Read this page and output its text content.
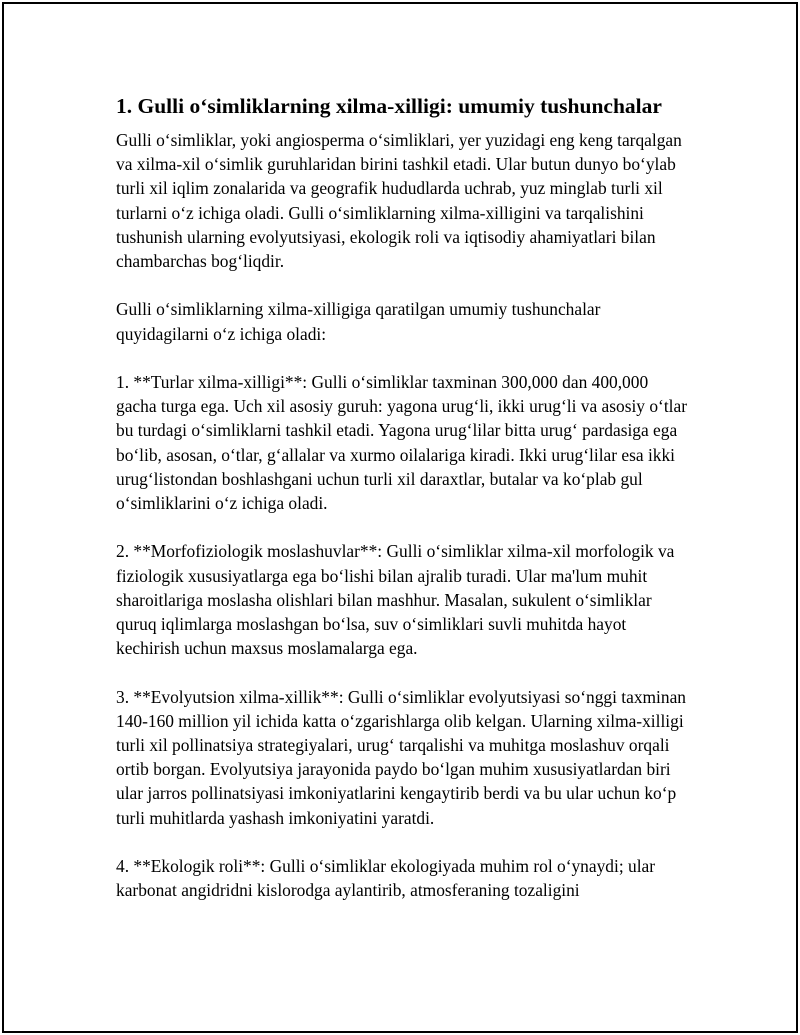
1. Gulli o‘simliklarning xilma-xilligi: umumiy tushunchalar

Gulli o‘simliklar, yoki angiosperma o‘simliklari, yer yuzidagi eng keng tarqalgan va xilma-xil o‘simlik guruhlaridan birini tashkil etadi. Ular butun dunyo bo‘ylab turli xil iqlim zonalarida va geografik hududlarda uchrab, yuz minglab turli xil turlarni o‘z ichiga oladi. Gulli o‘simliklarning xilma-xilligini va tarqalishini tushunish ularning evolyutsiyasi, ekologik roli va iqtisodiy ahamiyatlari bilan chambarchas bog‘liqdir.

Gulli o‘simliklarning xilma-xilligiga qaratilgan umumiy tushunchalar quyidagilarni o‘z ichiga oladi:

1. **Turlar xilma-xilligi**: Gulli o‘simliklar taxminan 300,000 dan 400,000 gacha turga ega. Uch xil asosiy guruh: yagona urug‘li, ikki urug‘li va asosiy o‘tlar bu turdagi o‘simliklarni tashkil etadi. Yagona urug‘lilar bitta urug‘ pardasiga ega bo‘lib, asosan, o‘tlar, g‘allalar va xurmo oilalariga kiradi. Ikki urug‘lilar esa ikki urug‘listondan boshlashgani uchun turli xil daraxtlar, butalar va ko‘plab gul o‘simliklarini o‘z ichiga oladi.

2. **Morfofiziologik moslashuvlar**: Gulli o‘simliklar xilma-xil morfologik va fiziologik xususiyatlarga ega bo‘lishi bilan ajralib turadi. Ular ma'lum muhit sharoitlariga moslasha olishlari bilan mashhur. Masalan, sukulent o‘simliklar quruq iqlimlarga moslashgan bo‘lsa, suv o‘simliklari suvli muhitda hayot kechirish uchun maxsus moslamalarga ega.

3. **Evolyutsion xilma-xillik**: Gulli o‘simliklar evolyutsiyasi so‘nggi taxminan 140-160 million yil ichida katta o‘zgarishlarga olib kelgan. Ularning xilma-xilligi turli xil pollinatsiya strategiyalari, urug‘ tarqalishi va muhitga moslashuv orqali ortib borgan. Evolyutsiya jarayonida paydo bo‘lgan muhim xususiyatlardan biri ular jarros pollinatsiyasi imkoniyatlarini kengaytirib berdi va bu ular uchun ko‘p turli muhitlarda yashash imkoniyatini yaratdi.

4. **Ekologik roli**: Gulli o‘simliklar ekologiyada muhim rol o‘ynaydi; ular karbonat angidridni kislorodga aylantirib, atmosferaning tozaligini
